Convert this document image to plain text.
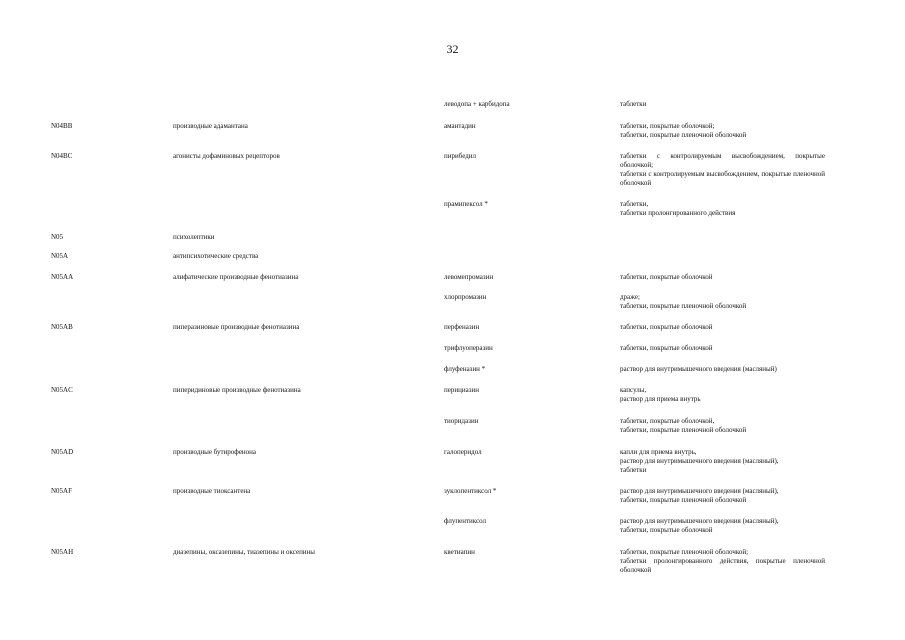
32
леводопа + карбидопа	таблетки

N04BB	производные адамантана	амантадин	таблетки, покрытые оболочкой;

таблетки, покрытые пленочной оболочкой

N04BC	агонисты дофаминовых рецепторов	пирибедил	таблетки с контролируемым высвобождением, покрытые оболочкой;

таблетки с контролируемым высвобождением, покрытые пленочной оболочкой

прамипексол *	таблетки,

таблетки пролонгированного действия

N05	психолептики
N05A	антипсихотические средства
N05AA	алифатические производные фенотиазина	левомепромазин	таблетки, покрытые оболочкой

хлорпромазин	драже;

таблетки, покрытые пленочной оболочкой

N05AB	пиперазиновые производные фенотиазина	перфеназин	таблетки, покрытые оболочкой

трифлуоперазин	таблетки, покрытые оболочкой

флуфеназин *	раствор для внутримышечного введения (масляный)

N05AC	пиперидиновые производные фенотиазина	перициазин	капсулы,

раствор для приема внутрь

тиоридазин	таблетки, покрытые оболочкой,

таблетки, покрытые пленочной оболочкой

N05AD	производные бутирофенона	галоперидол	капли для приема внутрь,

раствор для внутримышечного введения (масляный),

таблетки

N05AF	производные тиоксантена	зуклопентиксол *	раствор для внутримышечного введения (масляный),

таблетки, покрытые пленочной оболочкой

флупентиксол	раствор для внутримышечного введения (масляный),

таблетки, покрытые оболочкой

N05AH	диазепины, оксазепины, тиазепины и оксепины	кветиапин	таблетки, покрытые пленочной оболочкой;

таблетки пролонгированного действия, покрытые пленочной оболочкой
